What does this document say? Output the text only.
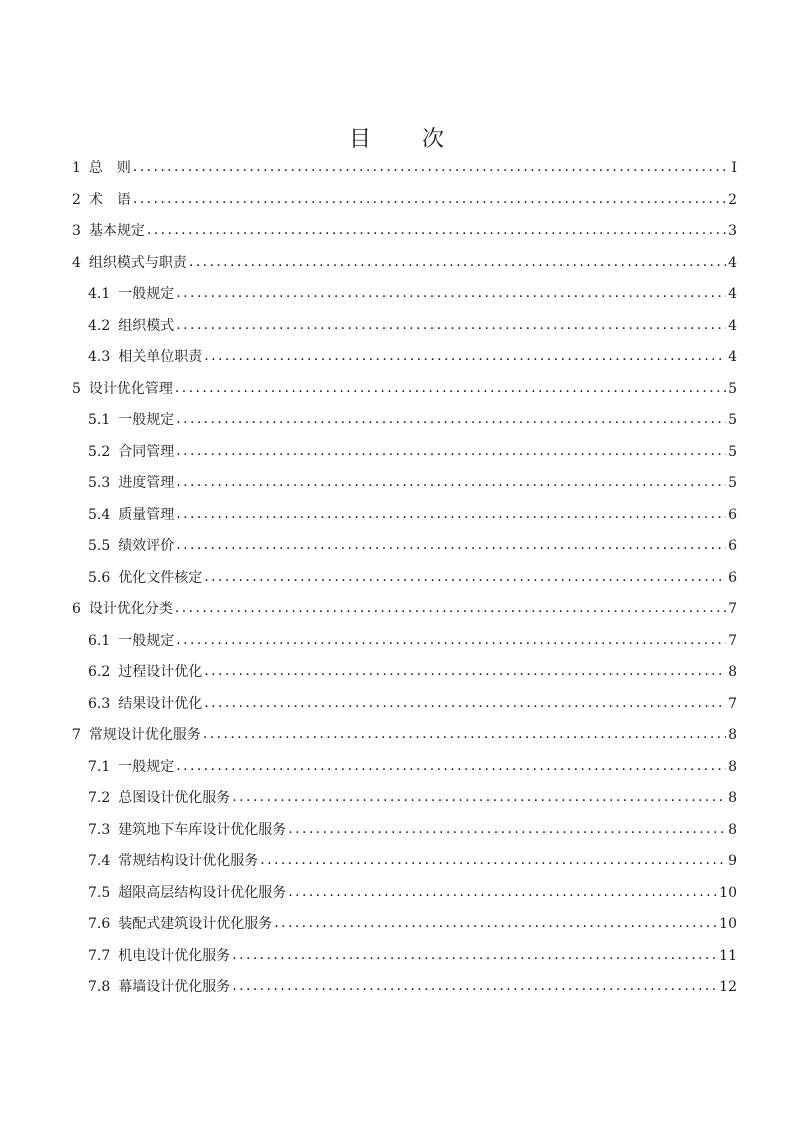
目 次
1 总　则 .....	I
2 术　语 .....	2
3 基本规定 .....	3
4 组织模式与职责 .....	4
4.1 一般规定 .....	4
4.2 组织模式 .....	4
4.3 相关单位职责 .....	4
5 设计优化管理 .....	5
5.1 一般规定 .....	5
5.2 合同管理 .....	5
5.3 进度管理 .....	5
5.4 质量管理 .....	6
5.5 绩效评价 .....	6
5.6 优化文件核定 .....	6
6 设计优化分类 .....	7
6.1 一般规定 .....	7
6.2 过程设计优化 .....	8
6.3 结果设计优化 .....	7
7 常规设计优化服务 .....	8
7.1 一般规定 .....	8
7.2 总图设计优化服务 .....	8
7.3 建筑地下车库设计优化服务 .....	8
7.4 常规结构设计优化服务 .....	9
7.5 超限高层结构设计优化服务 .....	10
7.6 装配式建筑设计优化服务 .....	10
7.7 机电设计优化服务 .....	11
7.8 幕墙设计优化服务 .....	12
